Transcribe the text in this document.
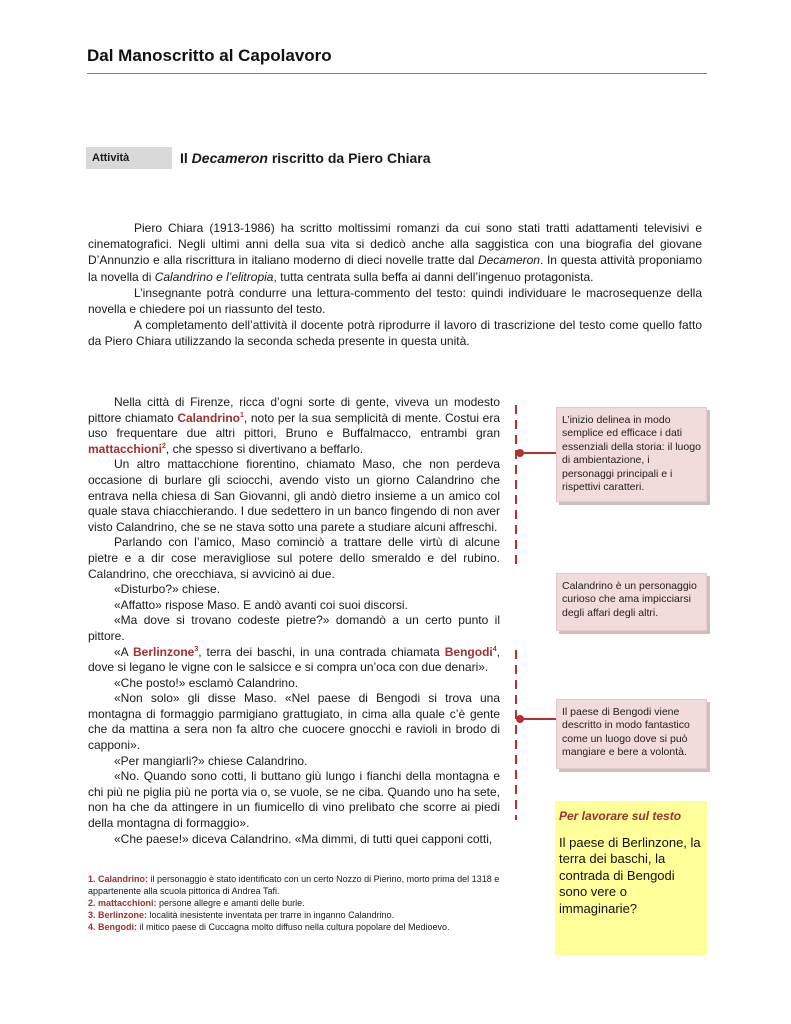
Dal Manoscritto al Capolavoro
Attività	Il Decameron riscritto da Piero Chiara

Piero Chiara (1913-1986) ha scritto moltissimi romanzi da cui sono stati tratti adattamenti televisivi e cinematografici. Negli ultimi anni della sua vita si dedicò anche alla saggistica con una biografia del giovane D’Annunzio e alla riscrittura in italiano moderno di dieci novelle tratte dal Decameron. In questa attività proponiamo la novella di Calandrino e l’elitropia, tutta centrata sulla beffa ai danni dell’ingenuo protagonista.

L’insegnante potrà condurre una lettura-commento del testo: quindi individuare le macrosequenze della novella e chiedere poi un riassunto del testo.

A completamento dell’attività il docente potrà riprodurre il lavoro di trascrizione del testo come quello fatto da Piero Chiara utilizzando la seconda scheda presente in questa unità.

Nella città di Firenze, ricca d’ogni sorte di gente, viveva un modesto pittore chiamato Calandrino$^1$, noto per la sua semplicità di mente. Costui era uso frequentare due altri pittori, Bruno e Buffalmacco, entrambi gran mattacchioni$^2$, che spesso si divertivano a beffarlo.

Un altro mattacchione fiorentino, chiamato Maso, che non perdeva occasione di burlare gli sciocchi, avendo visto un giorno Calandrino che entrava nella chiesa di San Giovanni, gli andò dietro insieme a un amico col quale stava chiacchierando. I due sedettero in un banco fingendo di non aver visto Calandrino, che se ne stava sotto una parete a studiare alcuni affreschi.

Parlando con l’amico, Maso cominciò a trattare delle virtù di alcune pietre e a dir cose meravigliose sul potere dello smeraldo e del rubino. Calandrino, che orecchiava, si avvicinò ai due.

«Disturbo?» chiese.

«Affatto» rispose Maso. E andò avanti coi suoi discorsi.

«Ma dove si trovano codeste pietre?» domandò a un certo punto il pittore.

«A Berlinzone$^3$, terra dei baschi, in una contrada chiamata Bengodi$^4$, dove si legano le vigne con le salsicce e si compra un’oca con due denari».

«Che posto!» esclamò Calandrino.

«Non solo» gli disse Maso. «Nel paese di Bengodi si trova una montagna di formaggio parmigiano grattugiato, in cima alla quale c’è gente che da mattina a sera non fa altro che cuocere gnocchi e ravioli in brodo di capponi».

«Per mangiarli?» chiese Calandrino.

«No. Quando sono cotti, li buttano giù lungo i fianchi della montagna e chi più ne piglia più ne porta via o, se vuole, se ne ciba. Quando uno ha sete, non ha che da attingere in un fiumicello di vino prelibato che scorre ai piedi della montagna di formaggio».

«Che paese!» diceva Calandrino. «Ma dimmi, di tutti quei capponi cotti,

L’inizio delinea in modo semplice ed efficace i dati essenziali della storia: il luogo di ambientazione, i personaggi principali e i rispettivi caratteri.
Calandrino è un personaggio curioso che ama impicciarsi degli affari degli altri.
Il paese di Bengodi viene descritto in modo fantastico come un luogo dove si può mangiare e bere a volontà.
Per lavorare sul testo
Il paese di Berlinzone, la terra dei baschi, la contrada di Bengodi sono vere o immaginarie?
1. Calandrino: il personaggio è stato identificato con un certo Nozzo di Pierino, morto prima del 1318 e appartenente alla scuola pittorica di Andrea Tafi.
2. mattacchioni: persone allegre e amanti delle burle.
3. Berlinzone: località inesistente inventata per trarre in inganno Calandrino.
4. Bengodi: il mitico paese di Cuccagna molto diffuso nella cultura popolare del Medioevo.
